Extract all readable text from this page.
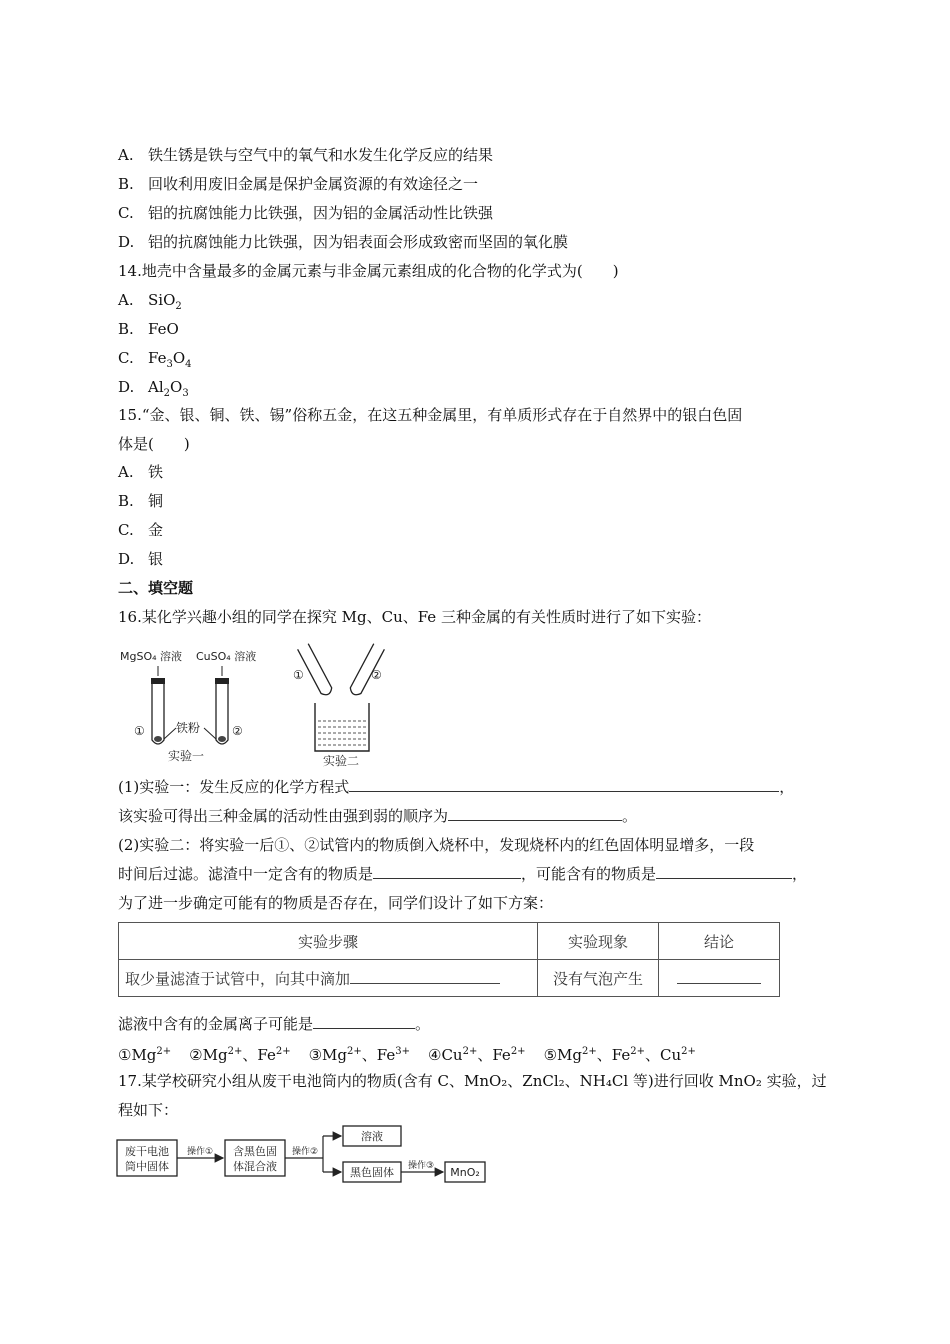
A. 铁生锈是铁与空气中的氧气和水发生化学反应的结果
B. 回收利用废旧金属是保护金属资源的有效途径之一
C. 铝的抗腐蚀能力比铁强，因为铝的金属活动性比铁强
D. 铝的抗腐蚀能力比铁强，因为铝表面会形成致密而坚固的氧化膜
14.地壳中含量最多的金属元素与非金属元素组成的化合物的化学式为(　　)
A. SiO$_2$
B. FeO
C. $Fe_3O_4$
D. $Al_2O_3$
15.“金、银、铜、铁、锡”俗称五金，在这五种金属里，有单质形式存在于自然界中的银白色固
体是(　　)
A. 铁
B. 铜
C. 金
D. 银
二、填空题
16.某化学兴趣小组的同学在探究 Mg、Cu、Fe 三种金属的有关性质时进行了如下实验：
MgSO₄ 溶液 CuSO₄ 溶液
①	②
铁粉
实验一
①	②
实验二
(1)实验一：发生反应的化学方程式	，
该实验可得出三种金属的活动性由强到弱的顺序为	。
(2)实验二：将实验一后①、②试管内的物质倒入烧杯中，发现烧杯内的红色固体明显增多，一段
时间后过滤。滤渣中一定含有的物质是	，可能含有的物质是	，
为了进一步确定可能有的物质是否存在，同学们设计了如下方案：
实验步骤	实验现象	结论
取少量滤渣于试管中，向其中滴加	没有气泡产生	
滤液中含有的金属离子可能是	。
$①Mg^{2+}$ $②Mg^{2+}$、$Fe^{2+}$ $③Mg^{2+}$、$Fe^{3+}$ $④Cu^{2+}$、$Fe^{2+}$ $⑤Mg^{2+}$、$Fe^{2+}$、$Cu^{2+}$
17.某学校研究小组从废干电池筒内的物质(含有 C、MnO₂、ZnCl₂、NH₄Cl 等)进行回收 MnO₂ 实验，过
程如下：
废干电池
筒中固体
操作① 含黑色固
体混合液
操作②
溶液
黑色固体 操作③ MnO₂
